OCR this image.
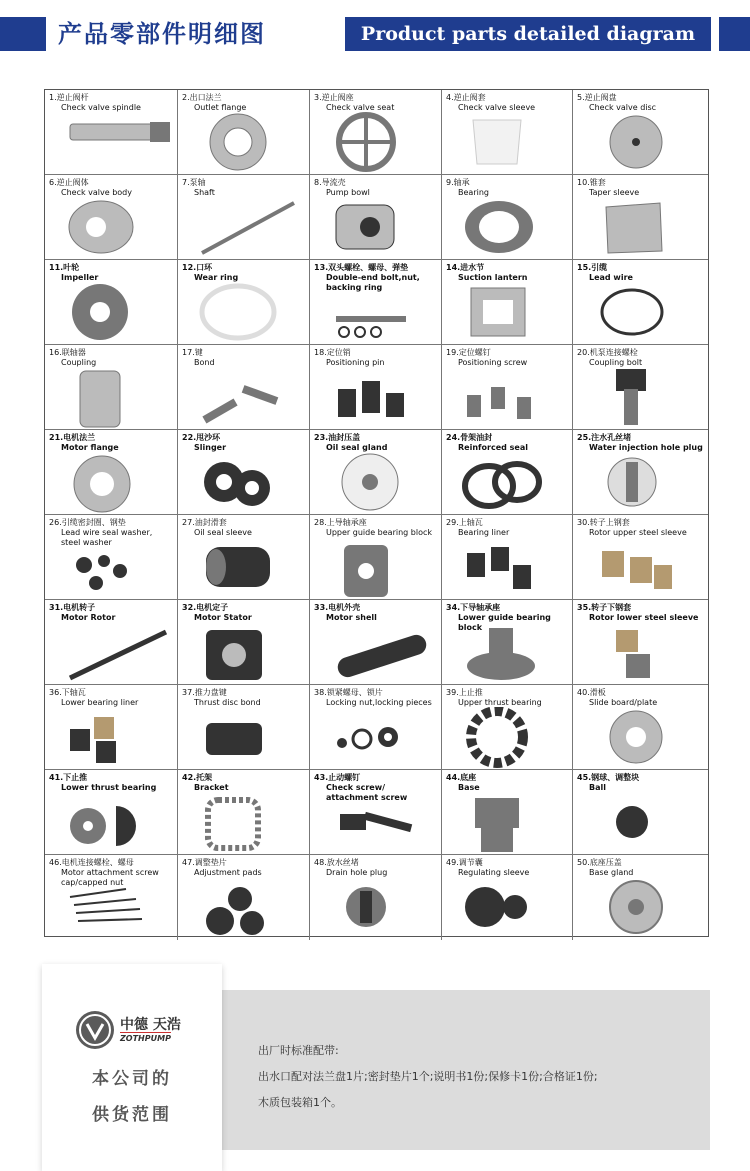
产品零部件明细图	Product parts detailed diagram
1.逆止阀杆
Check valve spindle
2.出口法兰
Outlet flange
3.逆止阀座
Check valve seat
4.逆止阀套
Check valve sleeve
5.逆止阀盘
Check valve disc
6.逆止阀体
Check valve body
7.泵轴
Shaft
8.导流壳
Pump bowl
9.轴承
Bearing
10.锥套
Taper sleeve
11.叶轮
Impeller
12.口环
Wear ring
13.双头螺栓、螺母、弹垫
Double-end bolt,nut, backing ring
14.进水节
Suction lantern
15.引缆
Lead wire
16.联轴器
Coupling
17.键
Bond
18.定位销
Positioning pin
19.定位螺钉
Positioning screw
20.机泵连接螺栓
Coupling bolt
21.电机法兰
Motor flange
22.甩沙环
Slinger
23.油封压盖
Oil seal gland
24.骨架油封
Reinforced seal
25.注水孔丝堵
Water injection hole plug
26.引缆密封圈、钢垫
Lead wire seal washer, steel washer
27.油封滑套
Oil seal sleeve
28.上导轴承座
Upper guide bearing block
29.上轴瓦
Bearing liner
30.转子上钢套
Rotor upper steel sleeve
31.电机转子
Motor Rotor
32.电机定子
Motor Stator
33.电机外壳
Motor shell
34.下导轴承座
Lower guide bearing block
35.转子下钢套
Rotor lower steel sleeve
36.下轴瓦
Lower bearing liner
37.推力盘键
Thrust disc bond
38.锁紧螺母、锁片
Locking nut,locking pieces
39.上止推
Upper thrust bearing
40.滑板
Slide board/plate
41.下止推
Lower thrust bearing
42.托架
Bracket
43.止动螺钉
Check screw/ attachment screw
44.底座
Base
45.钢球、调整块
Ball
46.电机连接螺栓、螺母
Motor attachment screw cap/capped nut
47.调整垫片
Adjustment pads
48.放水丝堵
Drain hole plug
49.调节囊
Regulating sleeve
50.底座压盖
Base gland
出厂时标准配带:
出水口配对法兰盘1片;密封垫片1个;说明书1份;保修卡1份;合格证1份;
木质包装箱1个。
中德 天浩
ZOTHPUMP
本公司的
供货范围
